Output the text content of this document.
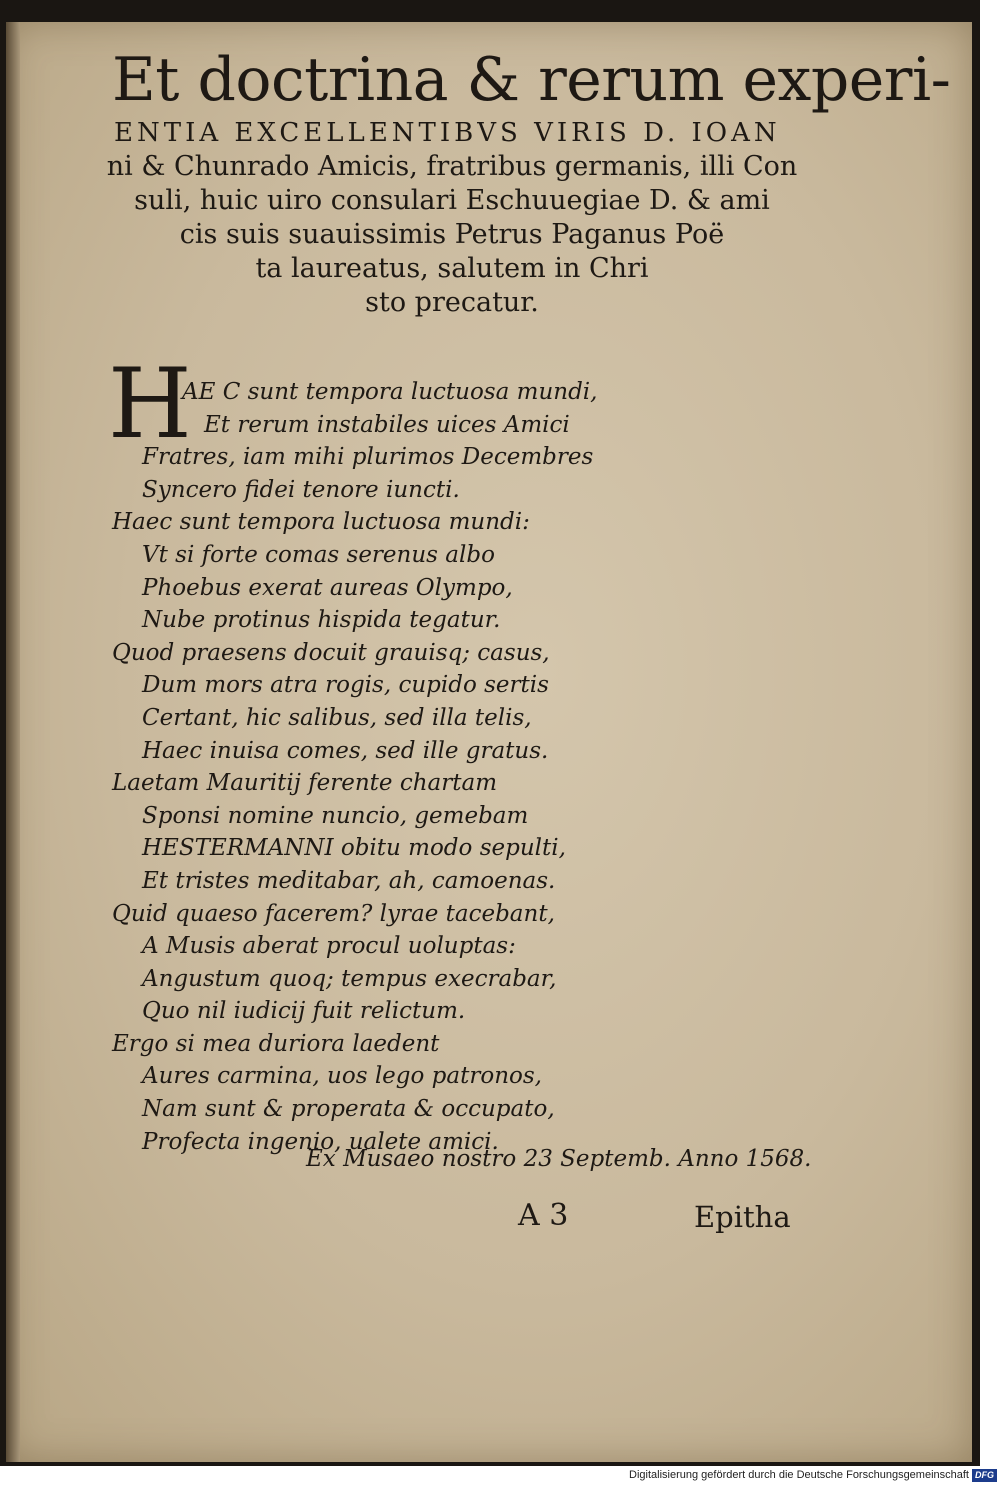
Et doctrina & rerum experi-
ENTIA EXCELLENTIBVS VIRIS D. IOAN
ni & Chunrado Amicis, fratribus germanis, illi Con
suli, huic uiro consulari Eschuuegiae D. & ami
cis suis suauissimis Petrus Paganus Poë
ta laureatus, salutem in Chri
sto precatur.
H
AE C sunt tempora luctuosa mundi,
Et rerum instabiles uices Amici
Fratres, iam mihi plurimos Decembres
Syncero fidei tenore iuncti.
Haec sunt tempora luctuosa mundi:
Vt si forte comas serenus albo
Phoebus exerat aureas Olympo,
Nube protinus hispida tegatur.
Quod praesens docuit grauisq; casus,
Dum mors atra rogis, cupido sertis
Certant, hic salibus, sed illa telis,
Haec inuisa comes, sed ille gratus.
Laetam Mauritij ferente chartam
Sponsi nomine nuncio, gemebam
HESTERMANNI obitu modo sepulti,
Et tristes meditabar, ah, camoenas.
Quid quaeso facerem? lyrae tacebant,
A Musis aberat procul uoluptas:
Angustum quoq; tempus execrabar,
Quo nil iudicij fuit relictum.
Ergo si mea duriora laedent
Aures carmina, uos lego patronos,
Nam sunt & properata & occupato,
Profecta ingenio, ualete amici.
Ex Musaeo nostro 23 Septemb. Anno 1568.
A 3	Epitha
Digitalisierung gefördert durch die Deutsche Forschungsgemeinschaft DFG
